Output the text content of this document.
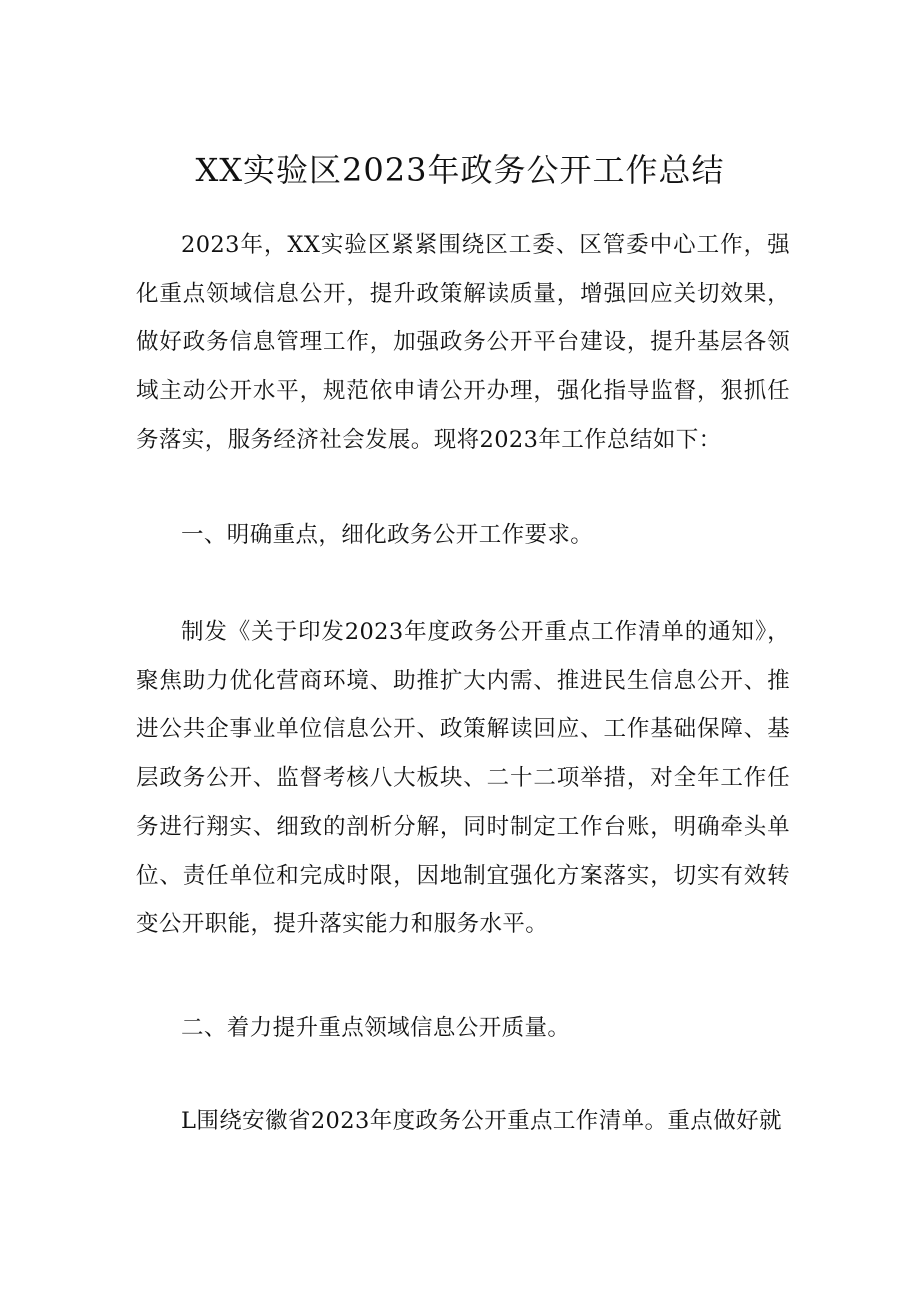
XX实验区2023年政务公开工作总结

2023年，XX实验区紧紧围绕区工委、区管委中心工作，强化重点领域信息公开，提升政策解读质量，增强回应关切效果，做好政务信息管理工作，加强政务公开平台建设，提升基层各领域主动公开水平，规范依申请公开办理，强化指导监督，狠抓任务落实，服务经济社会发展。现将2023年工作总结如下：

一、明确重点，细化政务公开工作要求。

制发《关于印发2023年度政务公开重点工作清单的通知》，聚焦助力优化营商环境、助推扩大内需、推进民生信息公开、推进公共企事业单位信息公开、政策解读回应、工作基础保障、基层政务公开、监督考核八大板块、二十二项举措，对全年工作任务进行翔实、细致的剖析分解，同时制定工作台账，明确牵头单位、责任单位和完成时限，因地制宜强化方案落实，切实有效转变公开职能，提升落实能力和服务水平。

二、着力提升重点领域信息公开质量。

L围绕安徽省2023年度政务公开重点工作清单。重点做好就
